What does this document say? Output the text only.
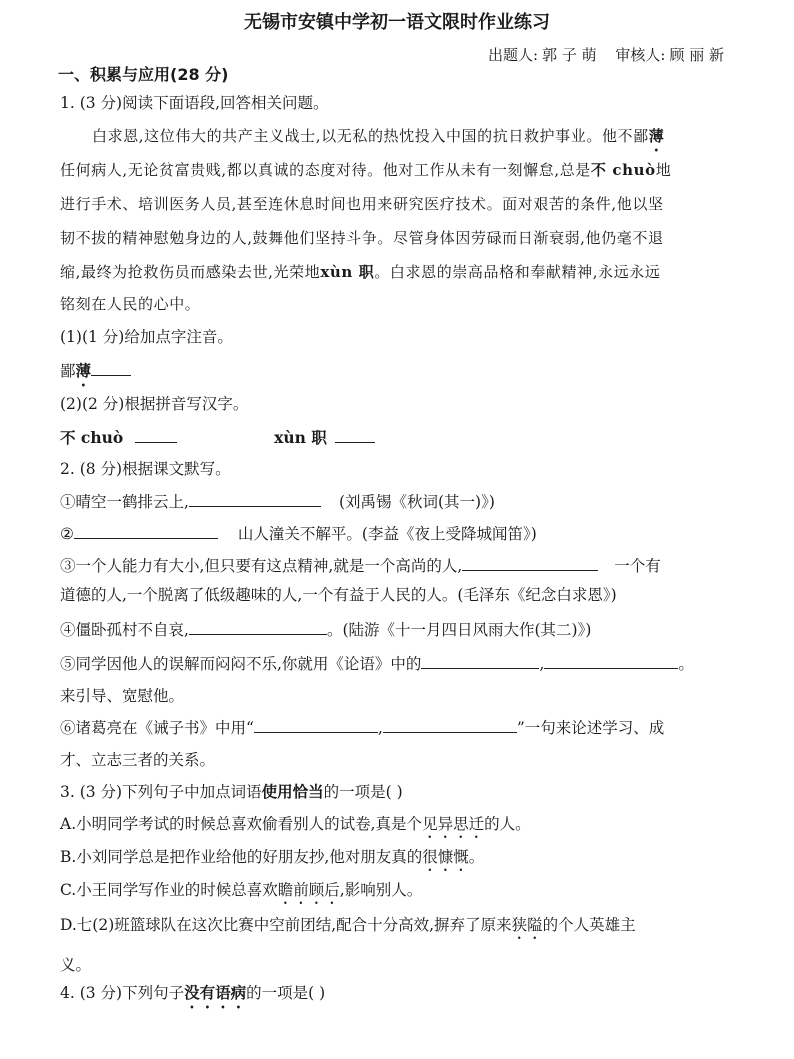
无锡市安镇中学初一语文限时作业练习
出题人: 郭 子 萌 审核人: 顾 丽 新
一、积累与应用(28 分)
1. (3 分)阅读下面语段,回答相关问题。
白求恩,这位伟大的共产主义战士,以无私的热忱投入中国的抗日救护事业。他不鄙薄
任何病人,无论贫富贵贱,都以真诚的态度对待。他对工作从未有一刻懈怠,总是不 chuò地
进行手术、培训医务人员,甚至连休息时间也用来研究医疗技术。面对艰苦的条件,他以坚
韧不拔的精神慰勉身边的人,鼓舞他们坚持斗争。尽管身体因劳碌而日渐衰弱,他仍毫不退
缩,最终为抢救伤员而感染去世,光荣地xùn 职。白求恩的崇高品格和奉献精神,永远永远
铭刻在人民的心中。
(1)(1 分)给加点字注音。
鄙薄
(2)(2 分)根据拼音写汉字。
不 chuò	xùn 职
2. (8 分)根据课文默写。
①晴空一鹤排云上,	(刘禹锡《秋词(其一)》)
②	山人潼关不解平。(李益《夜上受降城闻笛》)
③一个人能力有大小,但只要有这点精神,就是一个高尚的人,	一个有
道德的人,一个脱离了低级趣味的人,一个有益于人民的人。(毛泽东《纪念白求恩》)
④僵卧孤村不自哀,	。(陆游《十一月四日风雨大作(其二)》)
⑤同学因他人的误解而闷闷不乐,你就用《论语》中的	,	。
来引导、宽慰他。
⑥诸葛亮在《诫子书》中用“	,	”一句来论述学习、成
才、立志三者的关系。
3. (3 分)下列句子中加点词语使用恰当的一项是( )
A.小明同学考试的时候总喜欢偷看别人的试卷,真是个见异思迁的人。
B.小刘同学总是把作业给他的好朋友抄,他对朋友真的很慷慨。
C.小王同学写作业的时候总喜欢瞻前顾后,影响别人。
D.七(2)班篮球队在这次比赛中空前团结,配合十分高效,摒弃了原来狭隘的个人英雄主
义。
4. (3 分)下列句子没有语病的一项是( )
